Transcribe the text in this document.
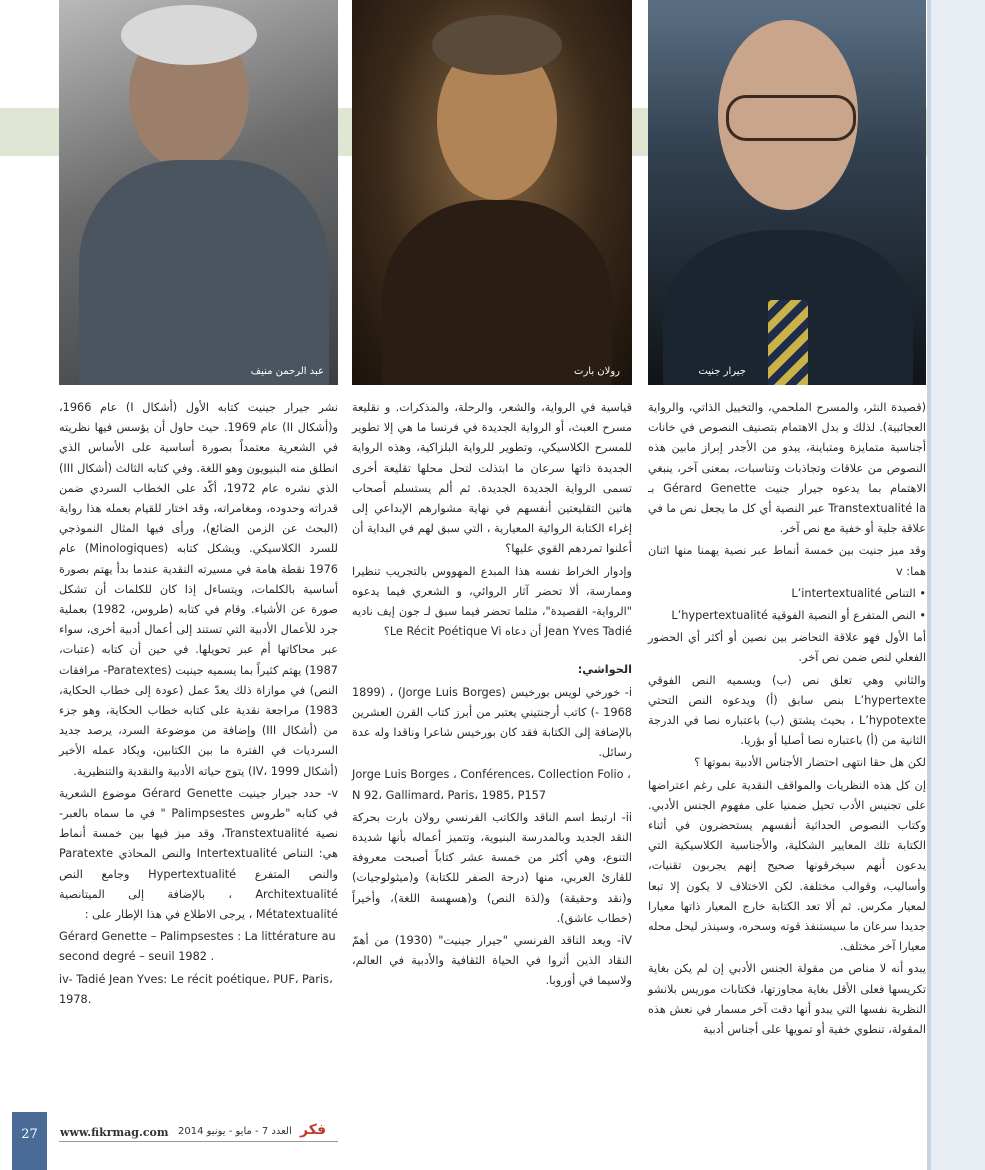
عبد الرحمن منيف	رولان بارت	جيرار جنيت

(قصيدة النثر، والمسرح الملحمي، والتخييل الذاتي، والرواية العجائبية). لذلك و بدل الاهتمام بتصنيف النصوص في خانات أجناسية متمايزة ومتباينة، يبدو من الأجدر إبراز مابين هذه النصوص من علاقات وتجاذبات وتناسبات، بمعنى آخر، ينبغي الاهتمام بما يدعوه جيرار جنيت Gérard Genette بـ Transtextualité la عبر النصية أي كل ما يجعل نص ما في علاقة جلية أو خفية مع نص آخر.

وقد ميز جنيت بين خمسة أنماط عبر نصية يهمنا منها اثنان هما: v

• التناص L’intertextualité

• النص المتفرع أو النصية الفوقية L’hypertextualité

أما الأول فهو علاقة التحاضر بين نصين أو أكثر أي الحضور الفعلي لنص ضمن نص آخر.

والثاني وهي تعلق نص (ب) ويسميه النص الفوقي L’hypertexte بنص سابق (أ) ويدعوه النص التحتي L’hypotexte ، بحيث يشتق (ب) باعتباره نصا في الدرجة الثانية من (أ) باعتباره نصا أصليا أو بؤريا.

لكن هل حقا انتهى احتضار الأجناس الأدبية بموتها ؟

إن كل هذه النظريات والمواقف النقدية على رغم اعتراضها على تجنيس الأدب تحيل ضمنيا على مفهوم الجنس الأدبي. وكتاب النصوص الحداثية أنفسهم يستحضرون في أثناء الكتابة تلك المعايير الشكلية، والأجناسية الكلاسيكية التي يدعون أنهم سيخرقونها صحيح إنهم يجربون تقنيات، وأساليب، وقوالب مختلفة. لكن الاختلاف لا يكون إلا تبعا لمعيار مكرس. ثم ألا تعد الكتابة خارج المعيار ذاتها معيارا جديدا سرعان ما سيستنفذ قوته وسحره، وسينذر ليحل محله معيارا آخر مختلف.

يبدو أنه لا مناص من مقولة الجنس الأدبي إن لم يكن بغاية تكريسها فعلى الأقل بغاية مجاوزتها، فكتابات موريس بلانشو النظرية نفسها التي يبدو أنها دقت آخر مسمار في نعش هذه المقولة، تنطوي خفية أو تمويها على أجناس أدبية

قياسية في الرواية، والشعر، والرحلة، والمذكرات. و نقليعة مسرح العبث، أو الرواية الجديدة في فرنسا ما هي إلا تطوير للمسرح الكلاسيكي، وتطوير للرواية البلزاكية، وهذه الرواية الجديدة ذاتها سرعان ما ابتذلت لتحل محلها تقليعة أخرى تسمى الرواية الجديدة الجديدة. ثم ألم يستسلم أصحاب هاتين التقليعتين أنفسهم في نهاية مشوارهم الإبداعي إلى إغراء الكتابة الروائية المعيارية ، التي سبق لهم في البداية أن أعلنوا تمردهم القوي عليها؟

وإدوار الخراط نفسه هذا المبدع المهووس بالتجريب تنظيرا وممارسة، ألا تحضر آثار الروائي، و الشعري فيما يدعوه "الرواية- القصيدة"، مثلما تحضر فيما سبق لـ جون إيف ناديه Jean Yves Tadié أن دعاه Le Récit Poétique Vi؟

الحواشي:

i- خورخي لويس بورخيس (Jorge Luis Borges) ، (1899 - 1968) كاتب أرجنتيني يعتبر من أبرز كتاب القرن العشرين بالإضافة إلى الكتابة فقد كان بورخيس شاعرا وناقدا وله عدة رسائل.

Jorge Luis Borges ، Conférences، Collection Folio ، N 92، Gallimard، Paris، 1985، P157

ii- ارتبط اسم الناقد والكاتب الفرنسي رولان بارت بحركة النقد الجديد وبالمدرسة البنيوية، وتتميز أعماله بأنها شديدة التنوع، وهي أكثر من خمسة عشر كتاباً أصبحت معروفة للقارئ العربي، منها (درجة الصفر للكتابة) و(ميثولوجيات) و(نقد وحقيقة) و(لذة النص) و(هسهسة اللغة)، وأخيراً (خطاب عاشق).

iV- ويعد الناقد الفرنسي "جيرار جينيت" (1930) من أهمّ النقاد الذين أثروا في الحياة الثقافية والأدبية في العالم، ولاسيما في أوروبا.

نشر جيرار جينيت كتابه الأول (أشكال I) عام 1966، و(أشكال II) عام 1969. حيث حاول أن يؤسس فيها نظريته في الشعرية معتمداً بصورة أساسية على الأساس الذي انطلق منه البنيويون وهو اللغة. وفي كتابه الثالث (أشكال III) الذي نشره عام 1972، أكّد على الخطاب السردي ضمن قدراته وحدوده، ومغامراته، وقد اختار للقيام بعمله هذا رواية (البحث عن الزمن الضائع)، ورأى فيها المثال النموذجي للسرد الكلاسيكي. ويشكل كتابه (Minologiques) عام 1976 نقطة هامة في مسيرته النقدية عندما بدأ يهتم بصورة أساسية بالكلمات، ويتساءل إذا كان للكلمات أن تشكل صورة عن الأشياء. وقام في كتابه (طروس، 1982) بعملية جرد للأعمال الأدبية التي تستند إلى أعمال أدبية أخرى، سواء عبر محاكاتها أم عبر تحويلها. في حين أن كتابه (عتبات، 1987) يهتم كثيراً بما يسميه جينيت (Paratextes- مرافقات النص) في موازاة ذلك يعدّ عمل (عودة إلى خطاب الحكاية، 1983) مراجعة نقدية على كتابه خطاب الحكاية، وهو جزء من (أشكال III) وإضافة من موضوعة السرد، يرصد جديد السرديات في الفترة ما بين الكتابين، ويكاد عمله الأخير (أشكال IV، 1999) يتوج حياته الأدبية والنقدية والتنظيرية.

v- حدد جيرار جينيت Gérard Genette موضوع الشعرية في كتابه "طروس Palimpsestes " في ما سماه بالعبر- نصية Transtextualité، وقد ميز فيها بين خمسة أنماط هي: التناص Intertextualité والنص المحاذي Paratexte والنص المتفرع Hypertextualité وجامع النص Architextualité ، بالإضافة إلى الميتانصية Métatextualité ، يرجى الاطلاع في هذا الإطار على :

Gérard Genette – Palimpsestes : La littérature au second degré – seuil 1982 .

iv- Tadié Jean Yves: Le récit poétique، PUF، Paris، 1978.

27	www.fikrmag.com العدد 7 - مايو - يونيو 2014 فكر
